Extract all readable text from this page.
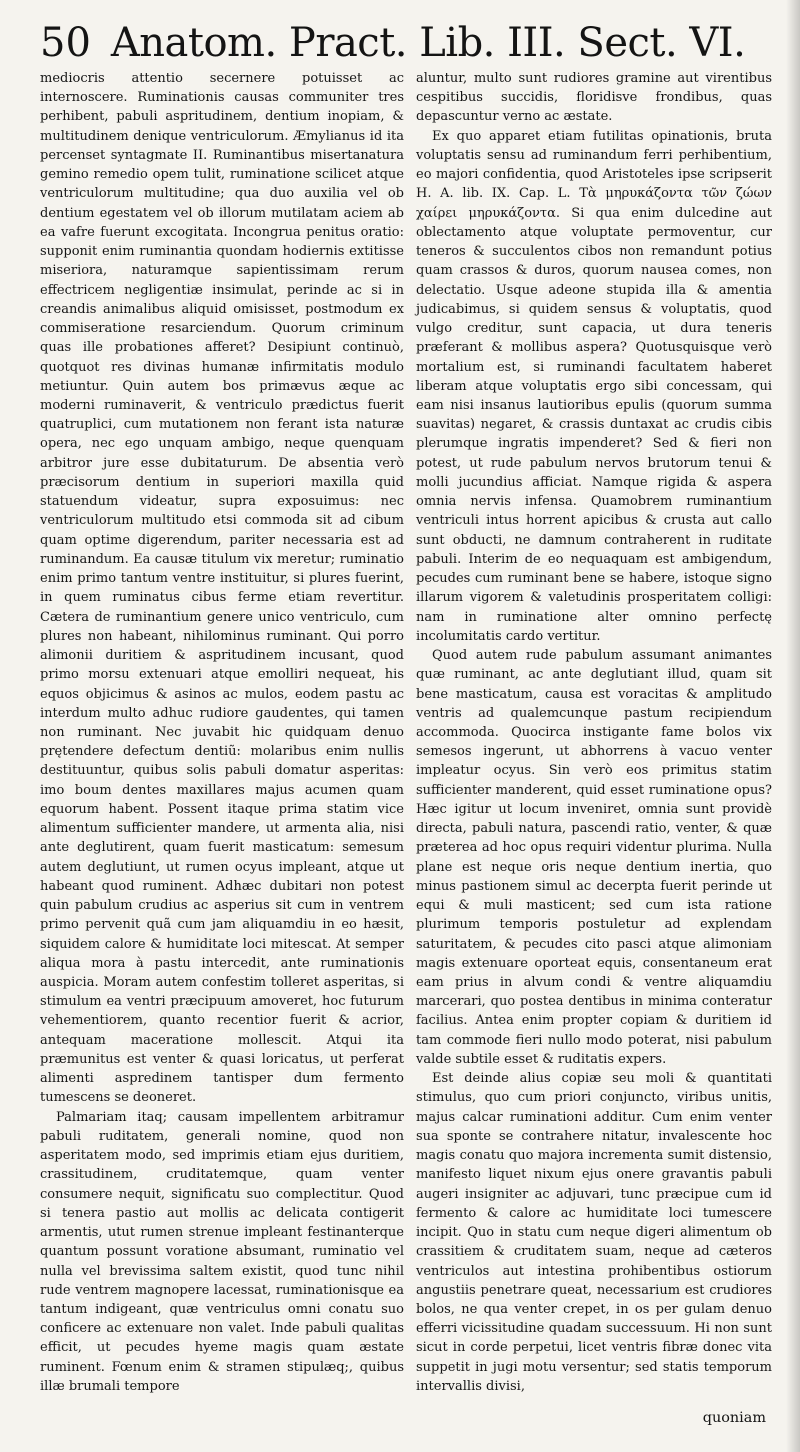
50 Anatom. Pract. Lib. III. Sect. VI.

mediocris attentio secernere potuisset ac internoscere. Ruminationis causas communiter tres perhibent, pabuli aspritudinem, dentium inopiam, & multitudinem denique ventriculorum. Æmylianus id ita percenset syntagmate II. Ruminantibus misertanatura gemino remedio opem tulit, ruminatione scilicet atque ventriculorum multitudine; qua duo auxilia vel ob dentium egestatem vel ob illorum mutilatam aciem ab ea vafre fuerunt excogitata. Incongrua penitus oratio: supponit enim ruminantia quondam hodiernis extitisse miseriora, naturamque sapientissimam rerum effectricem negligentiæ insimulat, perinde ac si in creandis animalibus aliquid omisisset, postmodum ex commiseratione resarciendum. Quorum criminum quas ille probationes afferet? Desipiunt continuò, quotquot res divinas humanæ infirmitatis modulo metiuntur. Quin autem bos primævus æque ac moderni ruminaverit, & ventriculo prædictus fuerit quatruplici, cum mutationem non ferant ista naturæ opera, nec ego unquam ambigo, neque quenquam arbitror jure esse dubitaturum. De absentia verò præcisorum dentium in superiori maxilla quid statuendum videatur, supra exposuimus: nec ventriculorum multitudo etsi commoda sit ad cibum quam optime digerendum, pariter necessaria est ad ruminandum. Ea causæ titulum vix meretur; ruminatio enim primo tantum ventre instituitur, si plures fuerint, in quem ruminatus cibus ferme etiam revertitur. Cætera de ruminantium genere unico ventriculo, cum plures non habeant, nihilominus ruminant. Qui porro alimonii duritiem & aspritudinem incusant, quod primo morsu extenuari atque emolliri nequeat, his equos objicimus & asinos ac mulos, eodem pastu ac interdum multo adhuc rudiore gaudentes, qui tamen non ruminant. Nec juvabit hic quidquam denuo prętendere defectum dentiũ: molaribus enim nullis destituuntur, quibus solis pabuli domatur asperitas: imo boum dentes maxillares majus acumen quam equorum habent. Possent itaque prima statim vice alimentum sufficienter mandere, ut armenta alia, nisi ante deglutirent, quam fuerit masticatum: semesum autem deglutiunt, ut rumen ocyus impleant, atque ut habeant quod ruminent. Adhæc dubitari non potest quin pabulum crudius ac asperius sit cum in ventrem primo pervenit quã cum jam aliquamdiu in eo hæsit, siquidem calore & humiditate loci mitescat. At semper aliqua mora à pastu intercedit, ante ruminationis auspicia. Moram autem confestim tolleret asperitas, si stimulum ea ventri præcipuum amoveret, hoc futurum vehementiorem, quanto recentior fuerit & acrior, antequam maceratione mollescit. Atqui ita præmunitus est venter & quasi loricatus, ut perferat alimenti aspredinem tantisper dum fermento tumescens se deoneret.

Palmariam itaq; causam impellentem arbitramur pabuli ruditatem, generali nomine, quod non asperitatem modo, sed imprimis etiam ejus duritiem, crassitudinem, cruditatemque, quam venter consumere nequit, significatu suo complectitur. Quod si tenera pastio aut mollis ac delicata contigerit armentis, utut rumen strenue impleant festinanterque quantum possunt voratione absumant, ruminatio vel nulla vel brevissima saltem existit, quod tunc nihil rude ventrem magnopere lacessat, ruminationisque ea tantum indigeant, quæ ventriculus omni conatu suo conficere ac extenuare non valet. Inde pabuli qualitas efficit, ut pecudes hyeme magis quam æstate ruminent. Fœnum enim & stramen stipulæq;, quibus illæ brumali tempore

aluntur, multo sunt rudiores gramine aut virentibus cespitibus succidis, floridisve frondibus, quas depascuntur verno ac æstate.

Ex quo apparet etiam futilitas opinationis, bruta voluptatis sensu ad ruminandum ferri perhibentium, eo majori confidentia, quod Aristoteles ipse scripserit H. A. lib. IX. Cap. L. Τὰ μηρυκάζοντα τῶν ζώων χαίρει μηρυκάζοντα. Si qua enim dulcedine aut oblectamento atque voluptate permoventur, cur teneros & succulentos cibos non remandunt potius quam crassos & duros, quorum nausea comes, non delectatio. Usque adeone stupida illa & amentia judicabimus, si quidem sensus & voluptatis, quod vulgo creditur, sunt capacia, ut dura teneris præferant & mollibus aspera? Quotusquisque verò mortalium est, si ruminandi facultatem haberet liberam atque voluptatis ergo sibi concessam, qui eam nisi insanus lautioribus epulis (quorum summa suavitas) negaret, & crassis duntaxat ac crudis cibis plerumque ingratis impenderet? Sed & fieri non potest, ut rude pabulum nervos brutorum tenui & molli jucundius afficiat. Namque rigida & aspera omnia nervis infensa. Quamobrem ruminantium ventriculi intus horrent apicibus & crusta aut callo sunt obducti, ne damnum contraherent in ruditate pabuli. Interim de eo nequaquam est ambigendum, pecudes cum ruminant bene se habere, istoque signo illarum vigorem & valetudinis prosperitatem colligi: nam in ruminatione alter omnino perfectę incolumitatis cardo vertitur.

Quod autem rude pabulum assumant animantes quæ ruminant, ac ante deglutiant illud, quam sit bene masticatum, causa est voracitas & amplitudo ventris ad qualemcunque pastum recipiendum accommoda. Quocirca instigante fame bolos vix semesos ingerunt, ut abhorrens à vacuo venter impleatur ocyus. Sin verò eos primitus statim sufficienter manderent, quid esset ruminatione opus? Hæc igitur ut locum inveniret, omnia sunt providè directa, pabuli natura, pascendi ratio, venter, & quæ præterea ad hoc opus requiri videntur plurima. Nulla plane est neque oris neque dentium inertia, quo minus pastionem simul ac decerpta fuerit perinde ut equi & muli masticent; sed cum ista ratione plurimum temporis postuletur ad explendam saturitatem, & pecudes cito pasci atque alimoniam magis extenuare oporteat equis, consentaneum erat eam prius in alvum condi & ventre aliquamdiu marcerari, quo postea dentibus in minima conteratur facilius. Antea enim propter copiam & duritiem id tam commode fieri nullo modo poterat, nisi pabulum valde subtile esset & ruditatis expers.

Est deinde alius copiæ seu moli & quantitati stimulus, quo cum priori conjuncto, viribus unitis, majus calcar ruminationi additur. Cum enim venter sua sponte se contrahere nitatur, invalescente hoc magis conatu quo majora incrementa sumit distensio, manifesto liquet nixum ejus onere gravantis pabuli augeri insigniter ac adjuvari, tunc præcipue cum id fermento & calore ac humiditate loci tumescere incipit. Quo in statu cum neque digeri alimentum ob crassitiem & cruditatem suam, neque ad cæteros ventriculos aut intestina prohibentibus ostiorum angustiis penetrare queat, necessarium est crudiores bolos, ne qua venter crepet, in os per gulam denuo efferri vicissitudine quadam successuum. Hi non sunt sicut in corde perpetui, licet ventris fibræ donec vita suppetit in jugi motu versentur; sed statis temporum intervallis divisi,

quoniam
